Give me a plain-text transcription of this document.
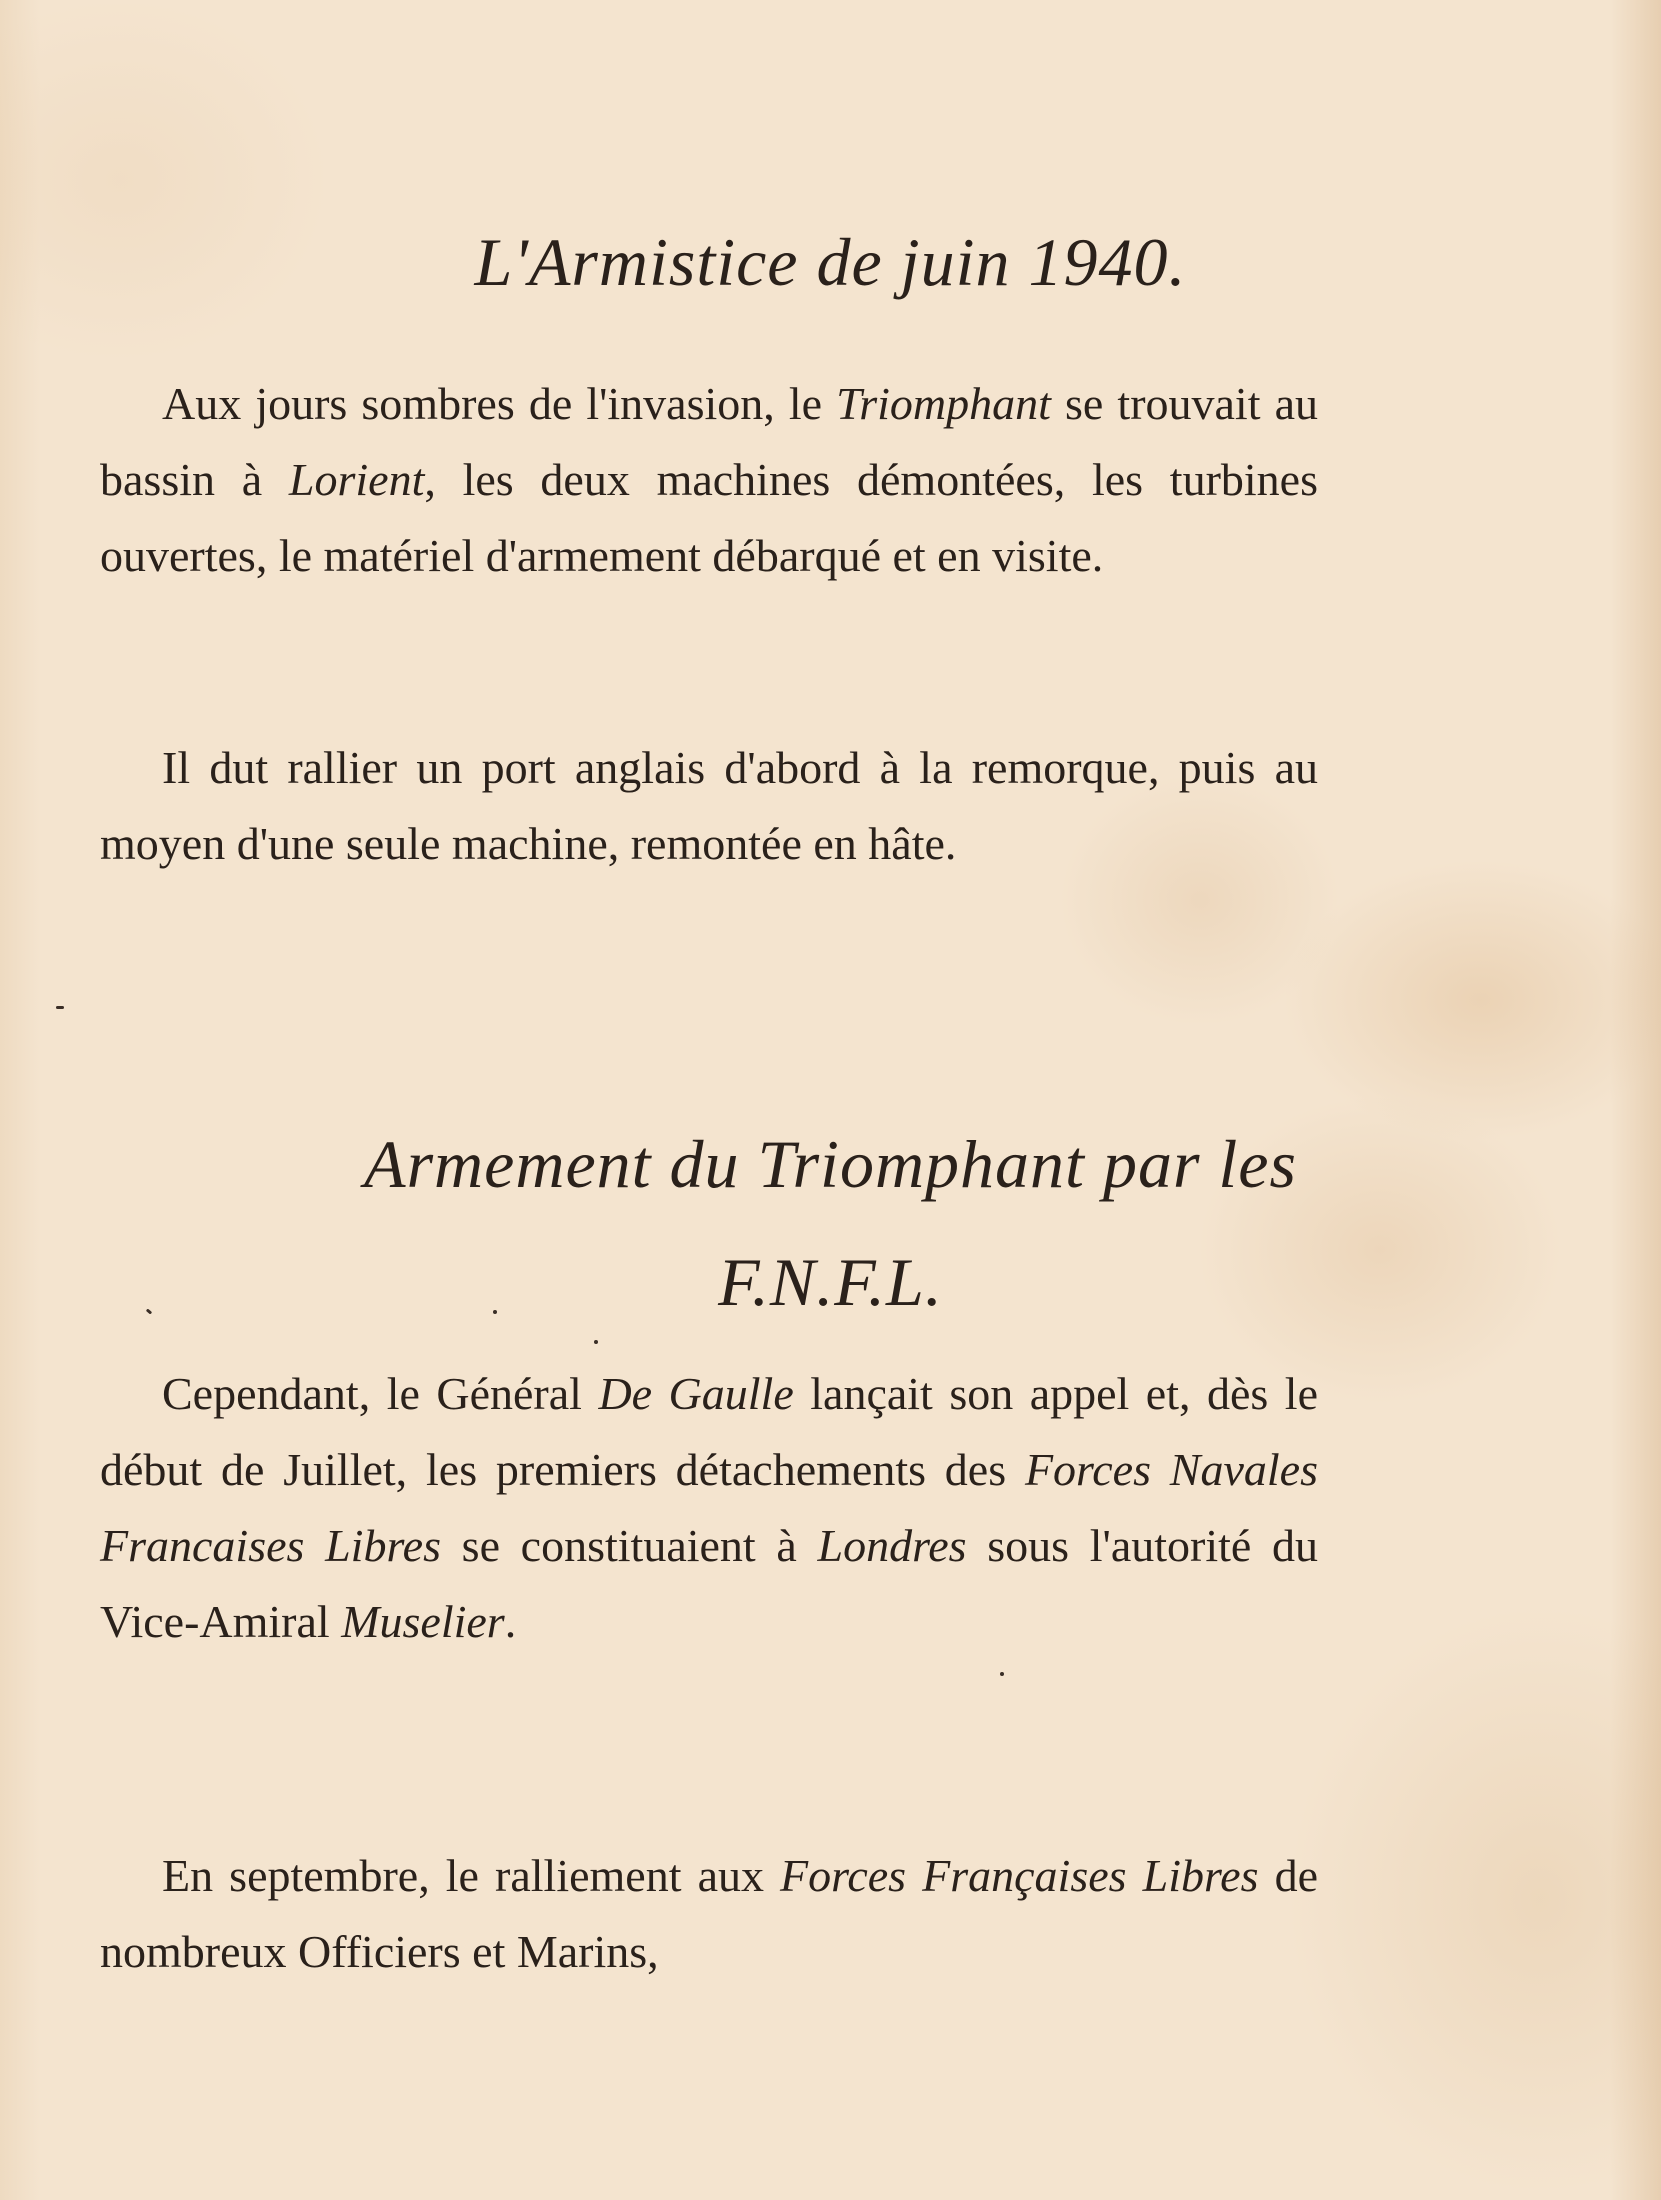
L'Armistice de juin 1940.

Aux jours sombres de l'invasion, le Triomphant se trouvait au bassin à Lorient, les deux machines démontées, les turbines ouvertes, le matériel d'armement débarqué et en visite.

Il dut rallier un port anglais d'abord à la remorque, puis au moyen d'une seule machine, remontée en hâte.

Armement du Triomphant par les
F.N.F.L.

Cependant, le Général De Gaulle lançait son appel et, dès le début de Juillet, les premiers détachements des Forces Navales Francaises Libres se constituaient à Londres sous l'autorité du Vice-Amiral Muselier.

En septembre, le ralliement aux Forces Françaises Libres de nombreux Officiers et Marins,
